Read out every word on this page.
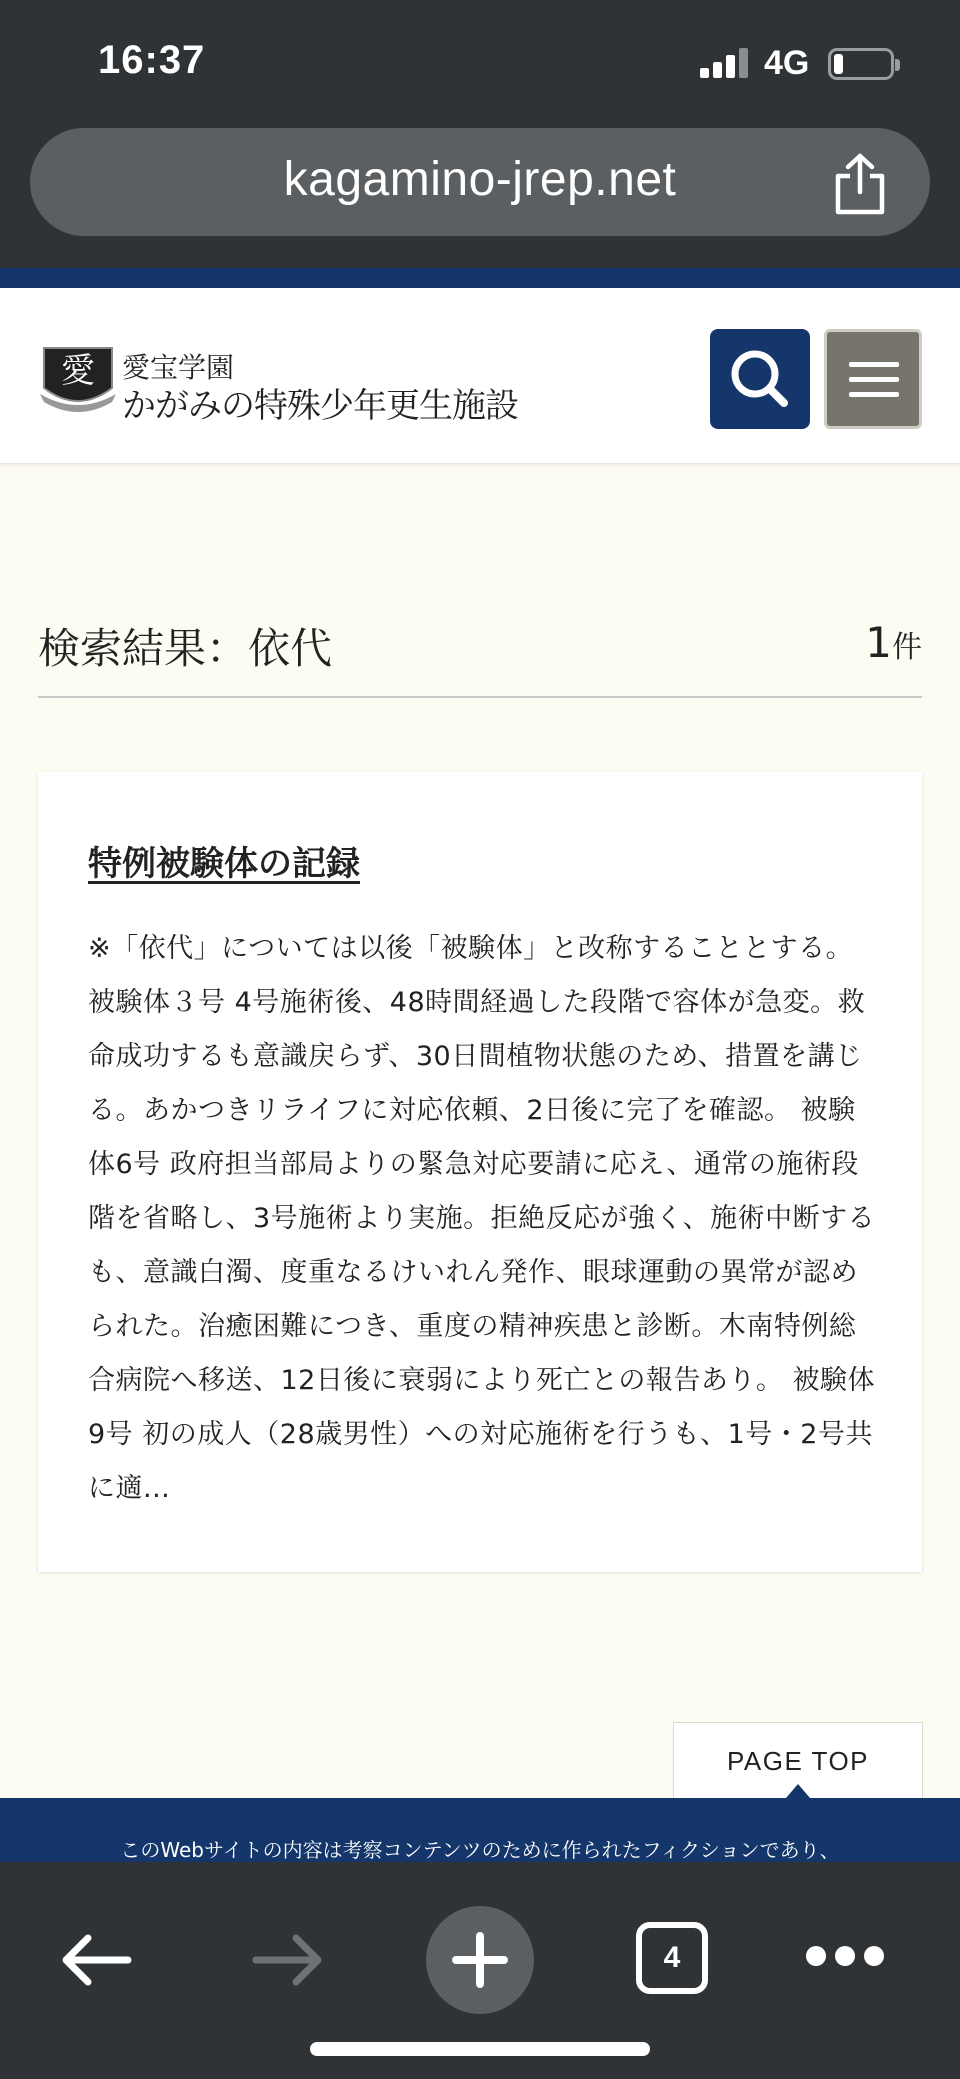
16:37	4G
kagamino-jrep.net
愛 愛宝学園
かがみの特殊少年更生施設
検索結果：依代	1件
特例被験体の記録

※「依代」については以後「被験体」と改称することとする。 被験体３号 4号施術後、48時間経過した段階で容体が急変。救命成功するも意識戻らず、30日間植物状態のため、措置を講じる。あかつきリライフに対応依頼、2日後に完了を確認。 被験体6号 政府担当部局よりの緊急対応要請に応え、通常の施術段階を省略し、3号施術より実施。拒絶反応が強く、施術中断するも、意識白濁、度重なるけいれん発作、眼球運動の異常が認められた。治癒困難につき、重度の精神疾患と診断。木南特例総合病院へ移送、12日後に衰弱により死亡との報告あり。 被験体9号 初の成人（28歳男性）への対応施術を行うも、1号・2号共に適...

PAGE TOP
このWebサイトの内容は考察コンテンツのために作られたフィクションであり、
4
